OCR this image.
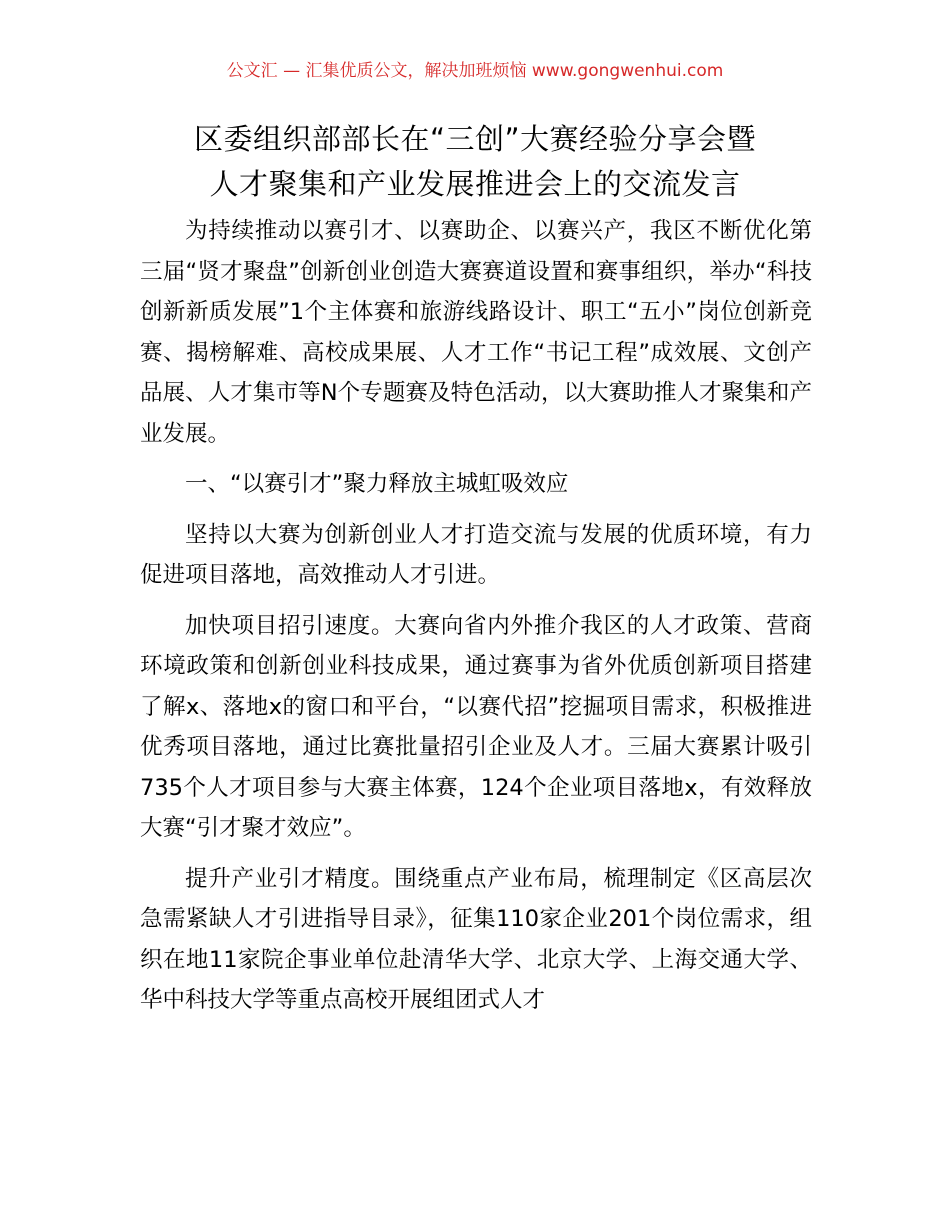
公文汇 — 汇集优质公文，解决加班烦恼 www.gongwenhui.com
区委组织部部长在“三创”大赛经验分享会暨
人才聚集和产业发展推进会上的交流发言

为持续推动以赛引才、以赛助企、以赛兴产，我区不断优化第三届“贤才聚盘”创新创业创造大赛赛道设置和赛事组织，举办“科技创新新质发展”1个主体赛和旅游线路设计、职工“五小”岗位创新竞赛、揭榜解难、高校成果展、人才工作“书记工程”成效展、文创产品展、人才集市等N个专题赛及特色活动，以大赛助推人才聚集和产业发展。

一、“以赛引才”聚力释放主城虹吸效应

坚持以大赛为创新创业人才打造交流与发展的优质环境，有力促进项目落地，高效推动人才引进。

加快项目招引速度。大赛向省内外推介我区的人才政策、营商环境政策和创新创业科技成果，通过赛事为省外优质创新项目搭建了解x、落地x的窗口和平台，“以赛代招”挖掘项目需求，积极推进优秀项目落地，通过比赛批量招引企业及人才。三届大赛累计吸引735个人才项目参与大赛主体赛，124个企业项目落地x，有效释放大赛“引才聚才效应”。

提升产业引才精度。围绕重点产业布局，梳理制定《区高层次急需紧缺人才引进指导目录》，征集110家企业201个岗位需求，组织在地11家院企事业单位赴清华大学、北京大学、上海交通大学、华中科技大学等重点高校开展组团式人才
